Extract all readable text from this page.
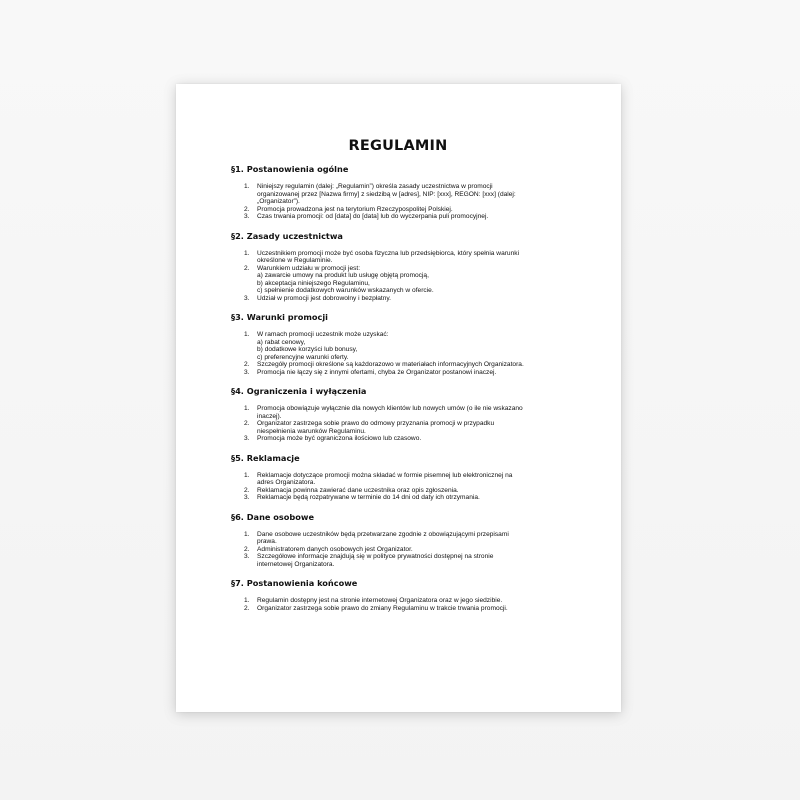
REGULAMIN
§1. Postanowienia ogólne
1. Niniejszy regulamin (dalej: „Regulamin”) określa zasady uczestnictwa w promocji
organizowanej przez [Nazwa firmy] z siedzibą w [adres], NIP: [xxx], REGON: [xxx] (dalej:
„Organizator”).
2. Promocja prowadzona jest na terytorium Rzeczypospolitej Polskiej.
3. Czas trwania promocji: od [data] do [data] lub do wyczerpania puli promocyjnej.
§2. Zasady uczestnictwa
1. Uczestnikiem promocji może być osoba fizyczna lub przedsiębiorca, który spełnia warunki
określone w Regulaminie.
2. Warunkiem udziału w promocji jest:
a) zawarcie umowy na produkt lub usługę objętą promocją,
b) akceptacja niniejszego Regulaminu,
c) spełnienie dodatkowych warunków wskazanych w ofercie.
3. Udział w promocji jest dobrowolny i bezpłatny.
§3. Warunki promocji
1. W ramach promocji uczestnik może uzyskać:
a) rabat cenowy,
b) dodatkowe korzyści lub bonusy,
c) preferencyjne warunki oferty.
2. Szczegóły promocji określone są każdorazowo w materiałach informacyjnych Organizatora.
3. Promocja nie łączy się z innymi ofertami, chyba że Organizator postanowi inaczej.
§4. Ograniczenia i wyłączenia
1. Promocja obowiązuje wyłącznie dla nowych klientów lub nowych umów (o ile nie wskazano
inaczej).
2. Organizator zastrzega sobie prawo do odmowy przyznania promocji w przypadku
niespełnienia warunków Regulaminu.
3. Promocja może być ograniczona ilościowo lub czasowo.
§5. Reklamacje
1. Reklamacje dotyczące promocji można składać w formie pisemnej lub elektronicznej na
adres Organizatora.
2. Reklamacja powinna zawierać dane uczestnika oraz opis zgłoszenia.
3. Reklamacje będą rozpatrywane w terminie do 14 dni od daty ich otrzymania.
§6. Dane osobowe
1. Dane osobowe uczestników będą przetwarzane zgodnie z obowiązującymi przepisami
prawa.
2. Administratorem danych osobowych jest Organizator.
3. Szczegółowe informacje znajdują się w polityce prywatności dostępnej na stronie
internetowej Organizatora.
§7. Postanowienia końcowe
1. Regulamin dostępny jest na stronie internetowej Organizatora oraz w jego siedzibie.
2. Organizator zastrzega sobie prawo do zmiany Regulaminu w trakcie trwania promocji.
